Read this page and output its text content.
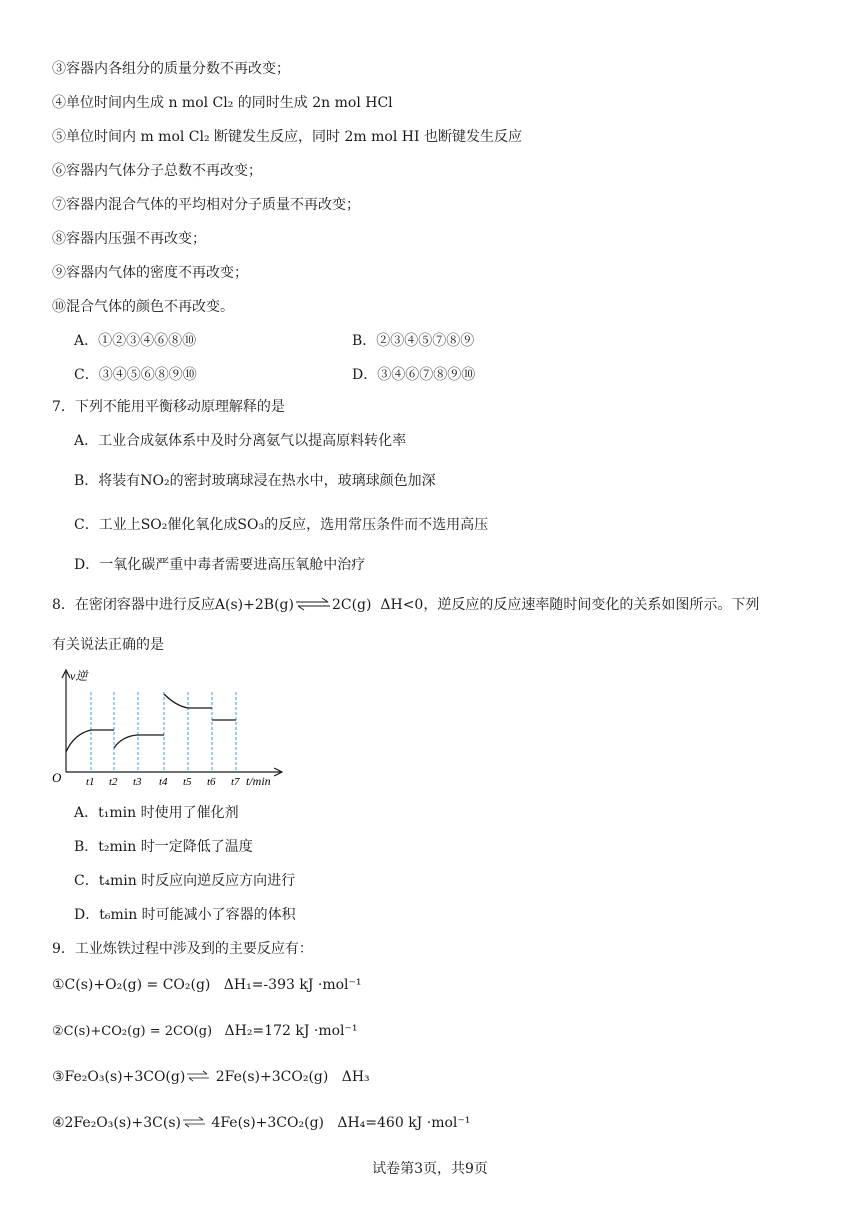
③容器内各组分的质量分数不再改变；
④单位时间内生成 n mol Cl₂ 的同时生成 2n mol HCl
⑤单位时间内 m mol Cl₂ 断键发生反应，同时 2m mol HI 也断键发生反应
⑥容器内气体分子总数不再改变；
⑦容器内混合气体的平均相对分子质量不再改变；
⑧容器内压强不再改变；
⑨容器内气体的密度不再改变；
⑩混合气体的颜色不再改变。
A．①②③④⑥⑧⑩	B．②③④⑤⑦⑧⑨
C．③④⑤⑥⑧⑨⑩	D．③④⑥⑦⑧⑨⑩
7．下列不能用平衡移动原理解释的是
A．工业合成氨体系中及时分离氨气以提高原料转化率
B．将装有NO₂的密封玻璃球浸在热水中，玻璃球颜色加深
C．工业上SO₂催化氧化成SO₃的反应，选用常压条件而不选用高压
D．一氧化碳严重中毒者需要进高压氧舱中治疗
8．在密闭容器中进行反应A(s)+2B(g)⇌2C(g) ΔH<0，逆反应的反应速率随时间变化的关系如图所示。下列
有关说法正确的是
v逆
O t1 t2 t3 t4 t5 t6 t7 t/min
A．t₁min 时使用了催化剂
B．t₂min 时一定降低了温度
C．t₄min 时反应向逆反应方向进行
D．t₆min 时可能减小了容器的体积
9．工业炼铁过程中涉及到的主要反应有：
①C(s)+O₂(g) = CO₂(g) ΔH₁=-393 kJ ·mol⁻¹
②C(s)+CO₂(g) = 2CO(g) ΔH₂=172 kJ ·mol⁻¹
③Fe₂O₃(s)+3CO(g)⇌ 2Fe(s)+3CO₂(g) ΔH₃
④2Fe₂O₃(s)+3C(s)⇌ 4Fe(s)+3CO₂(g) ΔH₄=460 kJ ·mol⁻¹
试卷第3页，共9页
